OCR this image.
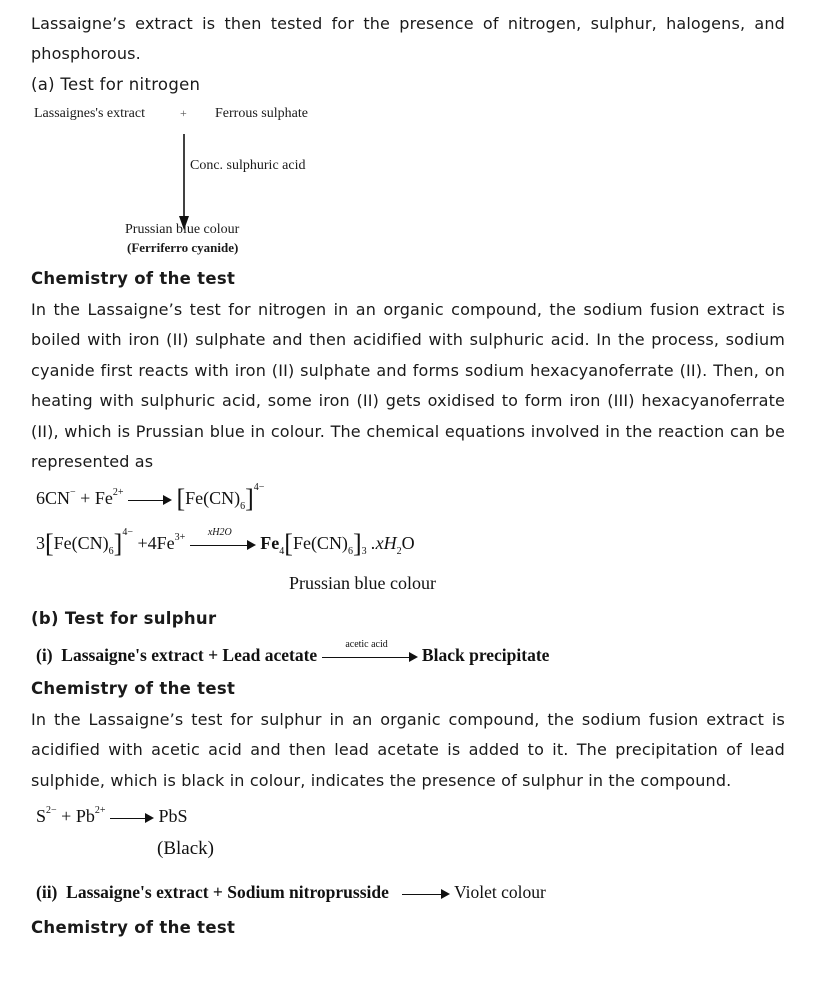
Lassaigne’s extract is then tested for the presence of nitrogen, sulphur, halogens, and phosphorous.

(a) Test for nitrogen
Lassaignes's extract	+ Ferrous sulphate
Conc. sulphuric acid
Prussian blue colour
(Ferriferro cyanide)
Chemistry of the test

In the Lassaigne’s test for nitrogen in an organic compound, the sodium fusion extract is boiled with iron (II) sulphate and then acidified with sulphuric acid. In the process, sodium cyanide first reacts with iron (II) sulphate and forms sodium hexacyanoferrate (II). Then, on heating with sulphuric acid, some iron (II) gets oxidised to form iron (III) hexacyanoferrate (II), which is Prussian blue in colour. The chemical equations involved in the reaction can be represented as

$6CN^- + Fe^{2+}$ $[Fe(CN)_6]^{4-}$
$3[Fe(CN)_6]^{4-} +4Fe^{3+}$	xH2O
$Fe_4[Fe(CN)_6]_3$ $.xH_2O$
Prussian blue colour
(b) Test for sulphur
(i) Lassaigne's extract + Lead acetate
acetic acid
Black precipitate
Chemistry of the test

In the Lassaigne’s test for sulphur in an organic compound, the sodium fusion extract is acidified with acetic acid and then lead acetate is added to it. The precipitation of lead sulphide, which is black in colour, indicates the presence of sulphur in the compound.

$S^{2-} + Pb^{2+}$	PbS
(Black)
(ii) Lassaigne's extract + Sodium nitroprusside	Violet colour
Chemistry of the test
